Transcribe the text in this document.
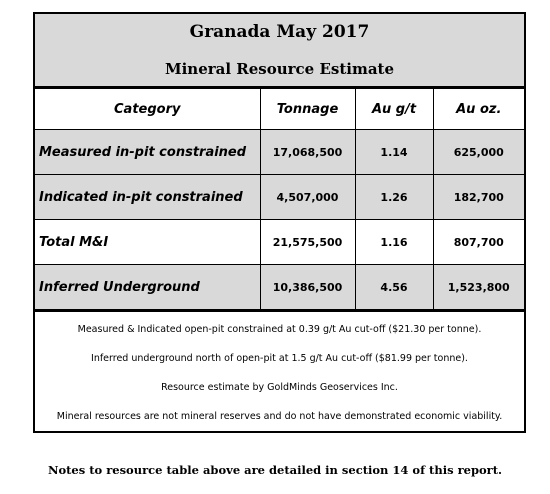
Granada May 2017
Mineral Resource Estimate
Category	Tonnage	Au g/t	Au oz.
Measured in-pit constrained	17,068,500	1.14	625,000
Indicated in-pit constrained	4,507,000	1.26	182,700
Total M&I	21,575,500	1.16	807,700
Inferred Underground	10,386,500	4.56	1,523,800

Measured & Indicated open-pit constrained at 0.39 g/t Au cut-off ($21.30 per tonne).

Inferred underground north of open-pit at 1.5 g/t Au cut-off ($81.99 per tonne).

Resource estimate by GoldMinds Geoservices Inc.

Mineral resources are not mineral reserves and do not have demonstrated economic viability.

Notes to resource table above are detailed in section 14 of this report.
